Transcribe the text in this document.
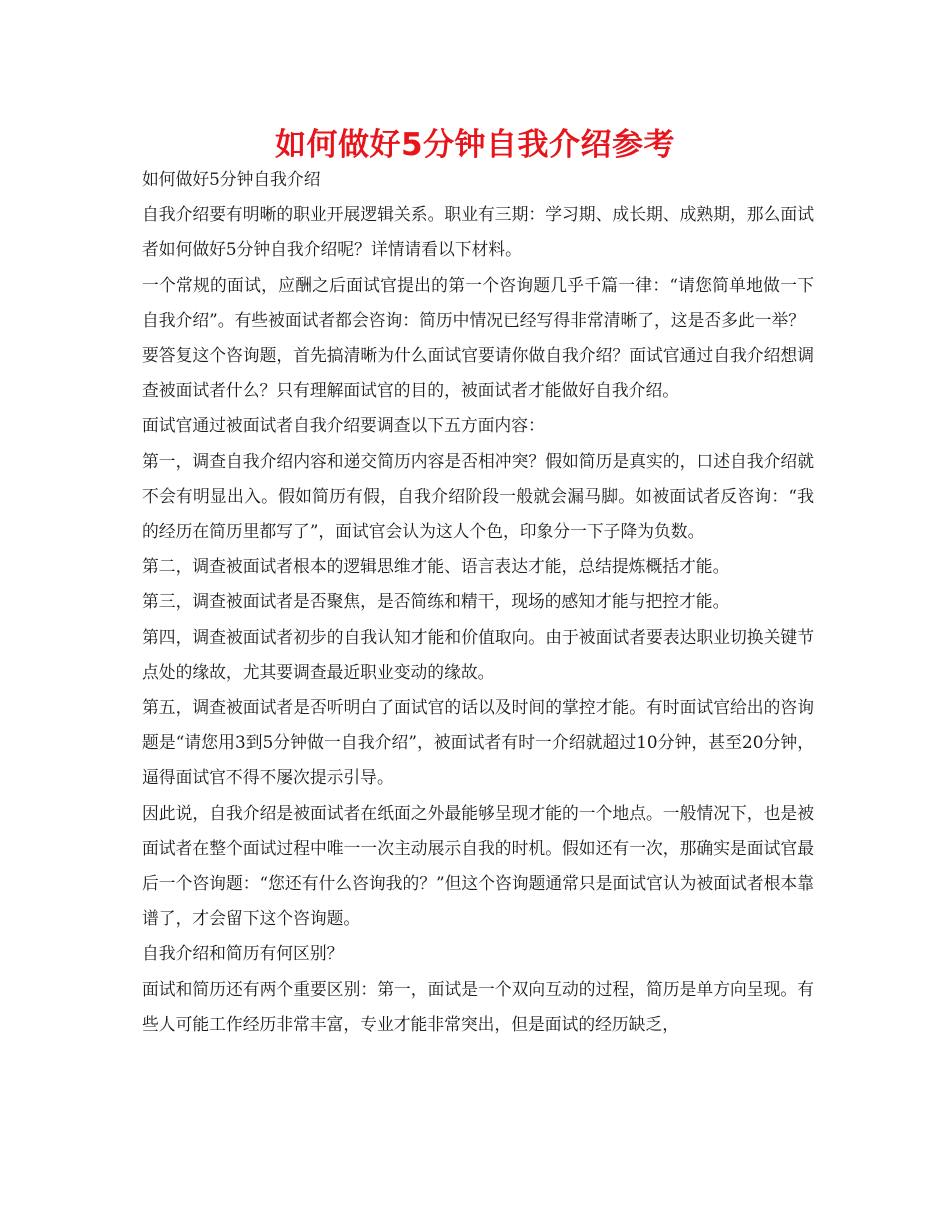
如何做好5分钟自我介绍参考

如何做好5分钟自我介绍

自我介绍要有明晰的职业开展逻辑关系。职业有三期：学习期、成长期、成熟期，那么面试者如何做好5分钟自我介绍呢？详情请看以下材料。

一个常规的面试，应酬之后面试官提出的第一个咨询题几乎千篇一律：“请您简单地做一下自我介绍”。有些被面试者都会咨询：简历中情况已经写得非常清晰了，这是否多此一举？

要答复这个咨询题，首先搞清晰为什么面试官要请你做自我介绍？面试官通过自我介绍想调查被面试者什么？只有理解面试官的目的，被面试者才能做好自我介绍。

面试官通过被面试者自我介绍要调查以下五方面内容：

第一，调查自我介绍内容和递交简历内容是否相冲突？假如简历是真实的，口述自我介绍就不会有明显出入。假如简历有假，自我介绍阶段一般就会漏马脚。如被面试者反咨询：“我的经历在简历里都写了”，面试官会认为这人个色，印象分一下子降为负数。

第二，调查被面试者根本的逻辑思维才能、语言表达才能，总结提炼概括才能。

第三，调查被面试者是否聚焦，是否简练和精干，现场的感知才能与把控才能。

第四，调查被面试者初步的自我认知才能和价值取向。由于被面试者要表达职业切换关键节点处的缘故，尤其要调查最近职业变动的缘故。

第五，调查被面试者是否听明白了面试官的话以及时间的掌控才能。有时面试官给出的咨询题是“请您用3到5分钟做一自我介绍”，被面试者有时一介绍就超过10分钟，甚至20分钟，逼得面试官不得不屡次提示引导。

因此说，自我介绍是被面试者在纸面之外最能够呈现才能的一个地点。一般情况下，也是被面试者在整个面试过程中唯一一次主动展示自我的时机。假如还有一次，那确实是面试官最后一个咨询题：“您还有什么咨询我的？”但这个咨询题通常只是面试官认为被面试者根本靠谱了，才会留下这个咨询题。

自我介绍和简历有何区别？

面试和简历还有两个重要区别：第一，面试是一个双向互动的过程，简历是单方向呈现。有些人可能工作经历非常丰富，专业才能非常突出，但是面试的经历缺乏，
